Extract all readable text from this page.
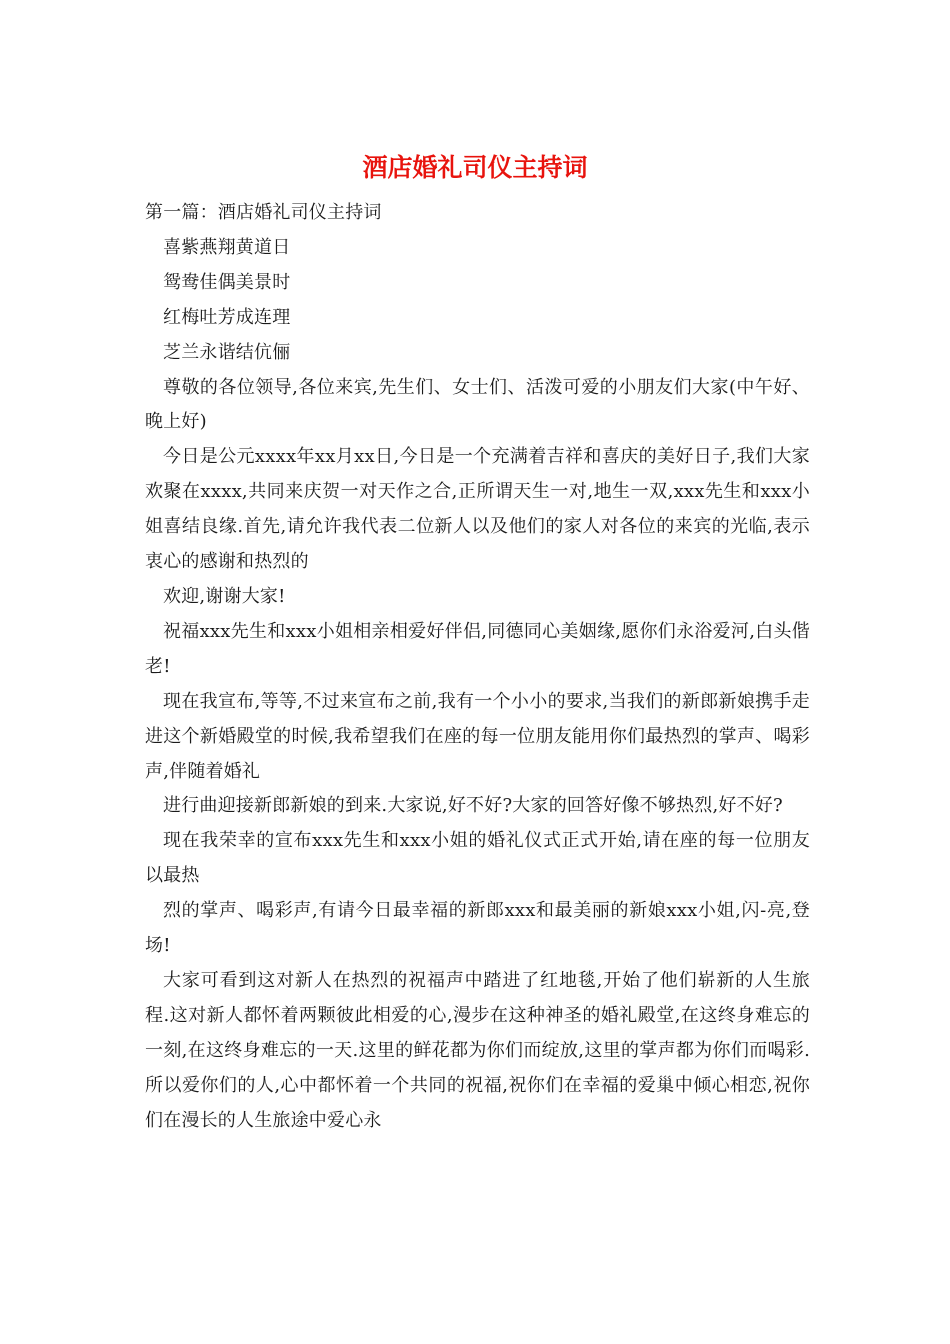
酒店婚礼司仪主持词

第一篇：酒店婚礼司仪主持词

喜紫燕翔黄道日

鸳鸯佳偶美景时

红梅吐芳成连理

芝兰永谐结伉俪

尊敬的各位领导,各位来宾,先生们、女士们、活泼可爱的小朋友们大家(中午好、晚上好)

今日是公元xxxx年xx月xx日,今日是一个充满着吉祥和喜庆的美好日子,我们大家欢聚在xxxx,共同来庆贺一对天作之合,正所谓天生一对,地生一双,xxx先生和xxx小姐喜结良缘.首先,请允许我代表二位新人以及他们的家人对各位的来宾的光临,表示衷心的感谢和热烈的

欢迎,谢谢大家!

祝福xxx先生和xxx小姐相亲相爱好伴侣,同德同心美姻缘,愿你们永浴爱河,白头偕老!

现在我宣布,等等,不过来宣布之前,我有一个小小的要求,当我们的新郎新娘携手走进这个新婚殿堂的时候,我希望我们在座的每一位朋友能用你们最热烈的掌声、喝彩声,伴随着婚礼

进行曲迎接新郎新娘的到来.大家说,好不好?大家的回答好像不够热烈,好不好?

现在我荣幸的宣布xxx先生和xxx小姐的婚礼仪式正式开始,请在座的每一位朋友以最热

烈的掌声、喝彩声,有请今日最幸福的新郎xxx和最美丽的新娘xxx小姐,闪-亮,登场!

大家可看到这对新人在热烈的祝福声中踏进了红地毯,开始了他们崭新的人生旅程.这对新人都怀着两颗彼此相爱的心,漫步在这种神圣的婚礼殿堂,在这终身难忘的一刻,在这终身难忘的一天.这里的鲜花都为你们而绽放,这里的掌声都为你们而喝彩.所以爱你们的人,心中都怀着一个共同的祝福,祝你们在幸福的爱巢中倾心相恋,祝你们在漫长的人生旅途中爱心永
